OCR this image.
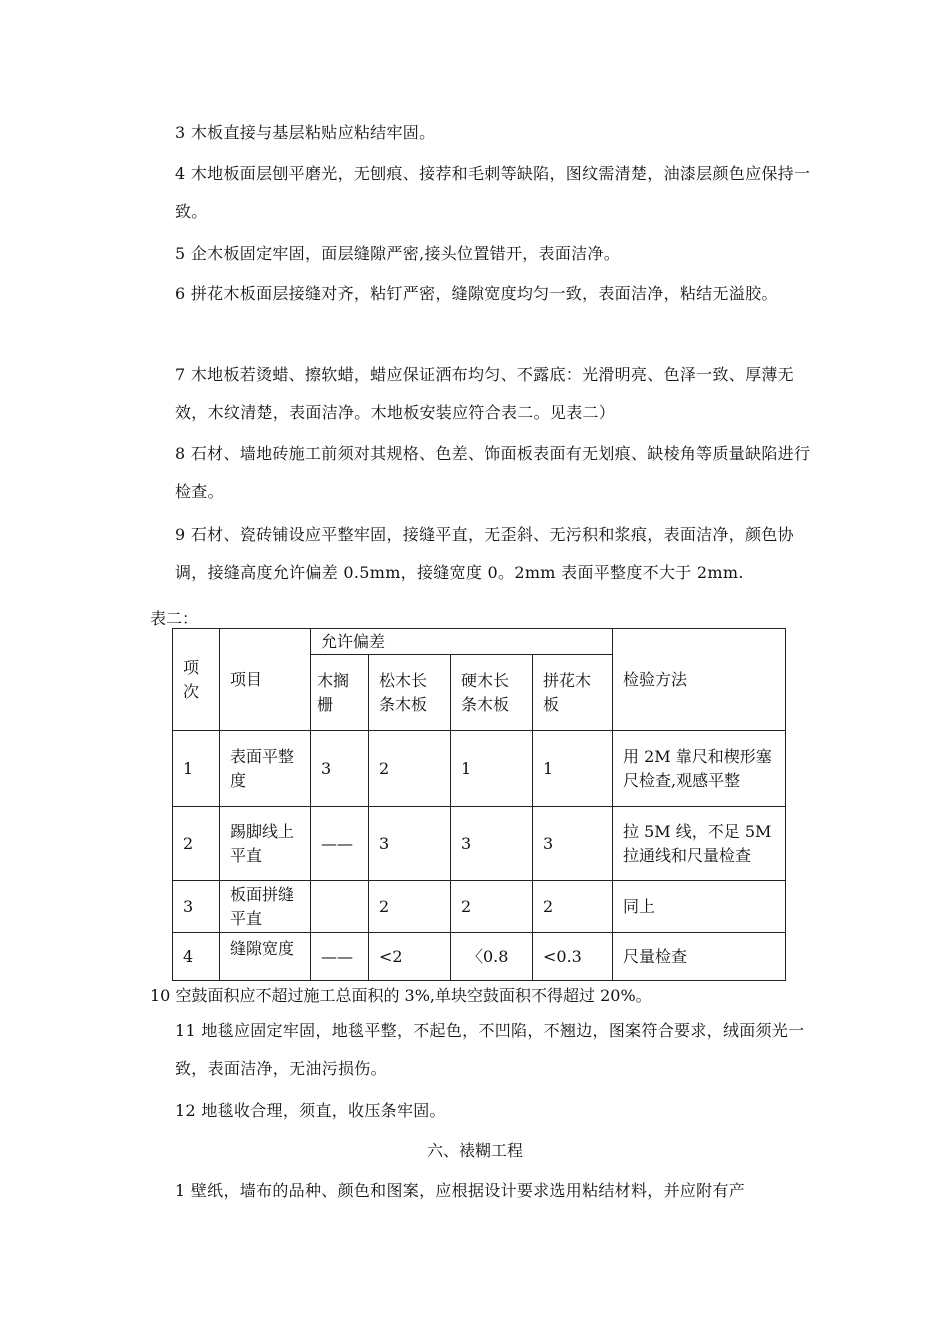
3 木板直接与基层粘贴应粘结牢固。
4 木地板面层刨平磨光，无刨痕、接荐和毛刺等缺陷，图纹需清楚，油漆层颜色应保持一致。
5 企木板固定牢固，面层缝隙严密,接头位置错开，表面洁净。
6 拼花木板面层接缝对齐，粘钉严密，缝隙宽度均匀一致，表面洁净，粘结无溢胶。
7 木地板若烫蜡、擦软蜡，蜡应保证洒布均匀、不露底：光滑明亮、色泽一致、厚薄无效，木纹清楚，表面洁净。木地板安装应符合表二。见表二）
8 石材、墙地砖施工前须对其规格、色差、饰面板表面有无划痕、缺棱角等质量缺陷进行检查。
9 石材、瓷砖铺设应平整牢固，接缝平直，无歪斜、无污积和浆痕，表面洁净，颜色协调，接缝高度允许偏差 0.5mm，接缝宽度 0。2mm 表面平整度不大于 2mm.
表二：
项次	项目	允许偏差				检验方法
		木搁栅	松木长条木板	硬木长条木板	拼花木板	
1	表面平整度	3	2	1	1	用 2M 靠尺和楔形塞尺检查,观感平整
2	踢脚线上平直	——	3	3	3	拉 5M 线，不足 5M 拉通线和尺量检查
3	板面拼缝平直		2	2	2	同上
4	缝隙宽度	——	<2	〈0.8	<0.3	尺量检查
10 空鼓面积应不超过施工总面积的 3%,单块空鼓面积不得超过 20%。
11 地毯应固定牢固，地毯平整，不起色，不凹陷，不翘边，图案符合要求，绒面须光一致，表面洁净，无油污损伤。
12 地毯收合理，须直，收压条牢固。
六、裱糊工程
1 壁纸，墙布的品种、颜色和图案，应根据设计要求选用粘结材料，并应附有产
